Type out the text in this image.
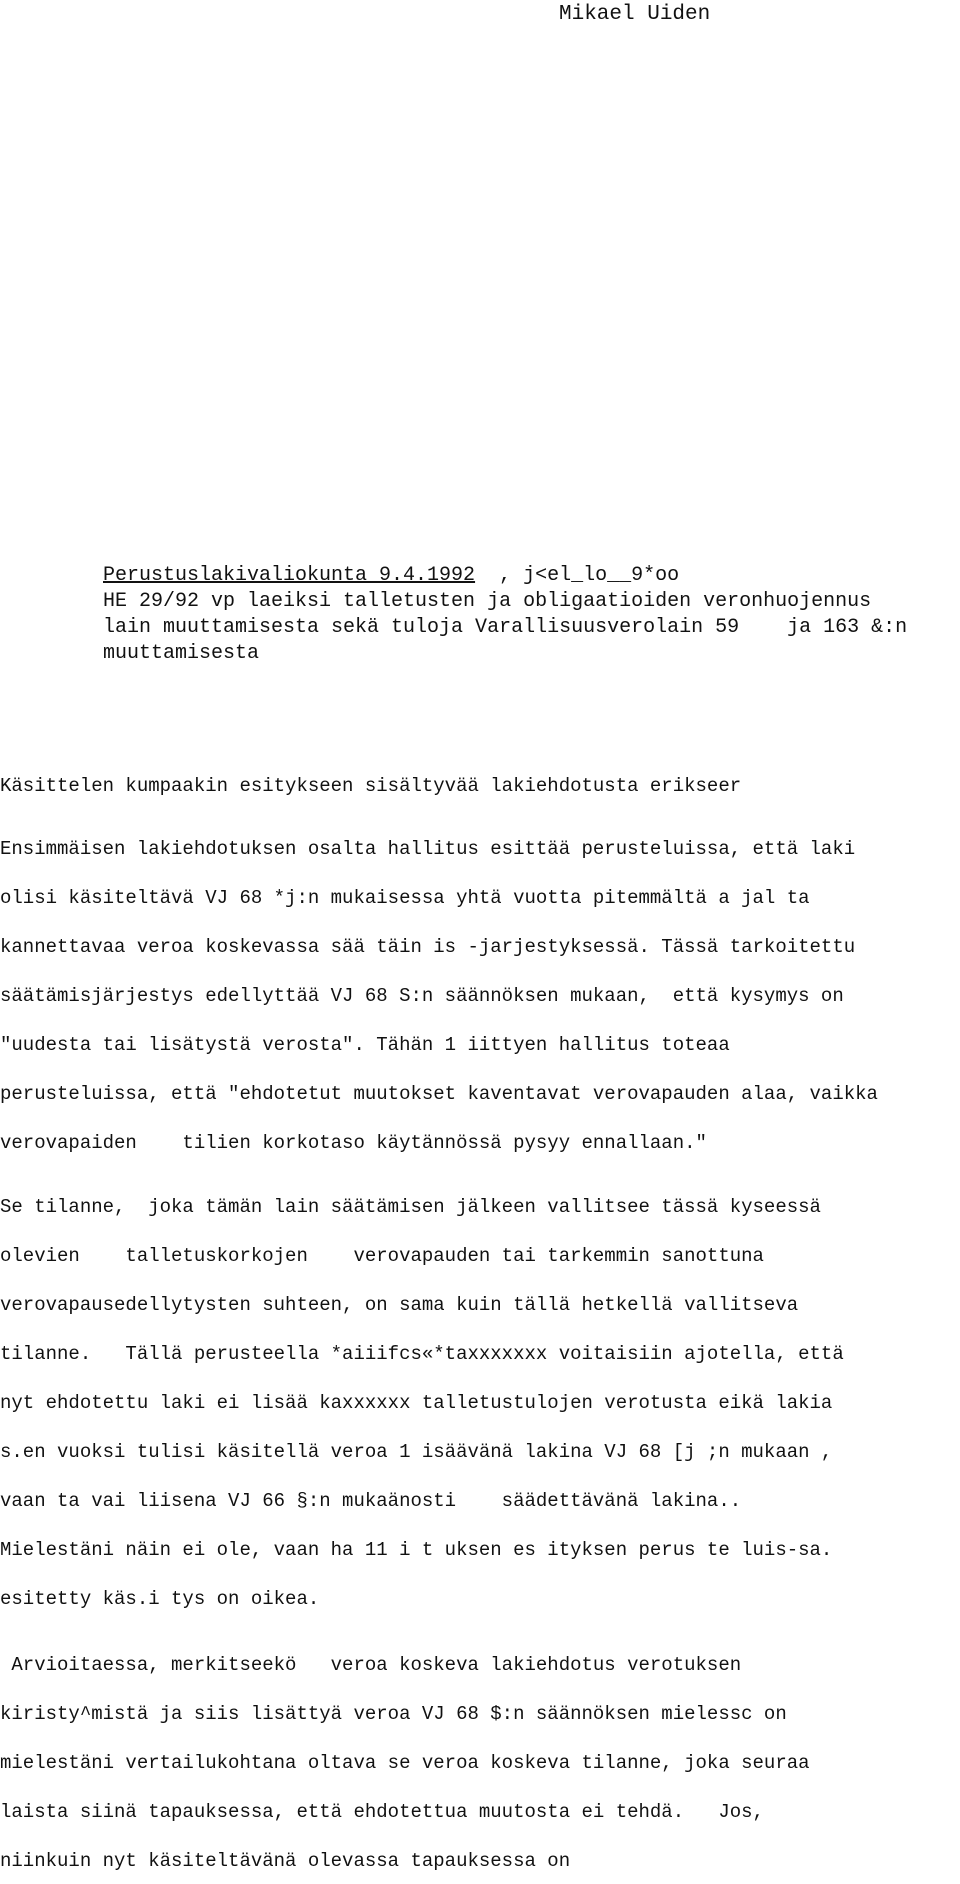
Mikael Uiden
Perustuslakivaliokunta 9.4.1992  , j<el_lo__9*oo
HE 29/92 vp laeiksi talletusten ja obligaatioiden veronhuojennus
lain muuttamisesta sekä tuloja Varallisuusverolain 59    ja 163 &:n
muuttamisesta
Käsittelen kumpaakin esitykseen sisältyvää lakiehdotusta erikseer
Ensimmäisen lakiehdotuksen osalta hallitus esittää perusteluissa, että laki
olisi käsiteltävä VJ 68 *j:n mukaisessa yhtä vuotta pitemmältä a jal ta
kannettavaa veroa koskevassa sää täin is -jarjestyksessä. Tässä tarkoitettu
säätämisjärjestys edellyttää VJ 68 S:n säännöksen mukaan,  että kysymys on
"uudesta tai lisätystä verosta". Tähän 1 iittyen hallitus toteaa
perusteluissa, että "ehdotetut muutokset kaventavat verovapauden alaa, vaikka
verovapaiden    tilien korkotaso käytännössä pysyy ennallaan."
Se tilanne,  joka tämän lain säätämisen jälkeen vallitsee tässä kyseessä
olevien    talletuskorkojen    verovapauden tai tarkemmin sanottuna
verovapausedellytysten suhteen, on sama kuin tällä hetkellä vallitseva
tilanne.   Tällä perusteella *aiiifcs«*taxxxxxxx voitaisiin ajotella, että
nyt ehdotettu laki ei lisää kaxxxxxx talletustulojen verotusta eikä lakia
s.en vuoksi tulisi käsitellä veroa 1 isäävänä lakina VJ 68 [j ;n mukaan ,
vaan ta vai liisena VJ 66 §:n mukaänosti    säädettävänä lakina..
Mielestäni näin ei ole, vaan ha 11 i t uksen es ityksen perus te luis-sa.
esitetty käs.i tys on oikea.
Arvioitaessa, merkitseekö   veroa koskeva lakiehdotus verotuksen
kiristy^mistä ja siis lisättyä veroa VJ 68 $:n säännöksen mielessc on
mielestäni vertailukohtana oltava se veroa koskeva tilanne, joka seuraa
laista siinä tapauksessa, että ehdotettua muutosta ei tehdä.   Jos,
niinkuin nyt käsiteltävänä olevassa tapauksessa on
